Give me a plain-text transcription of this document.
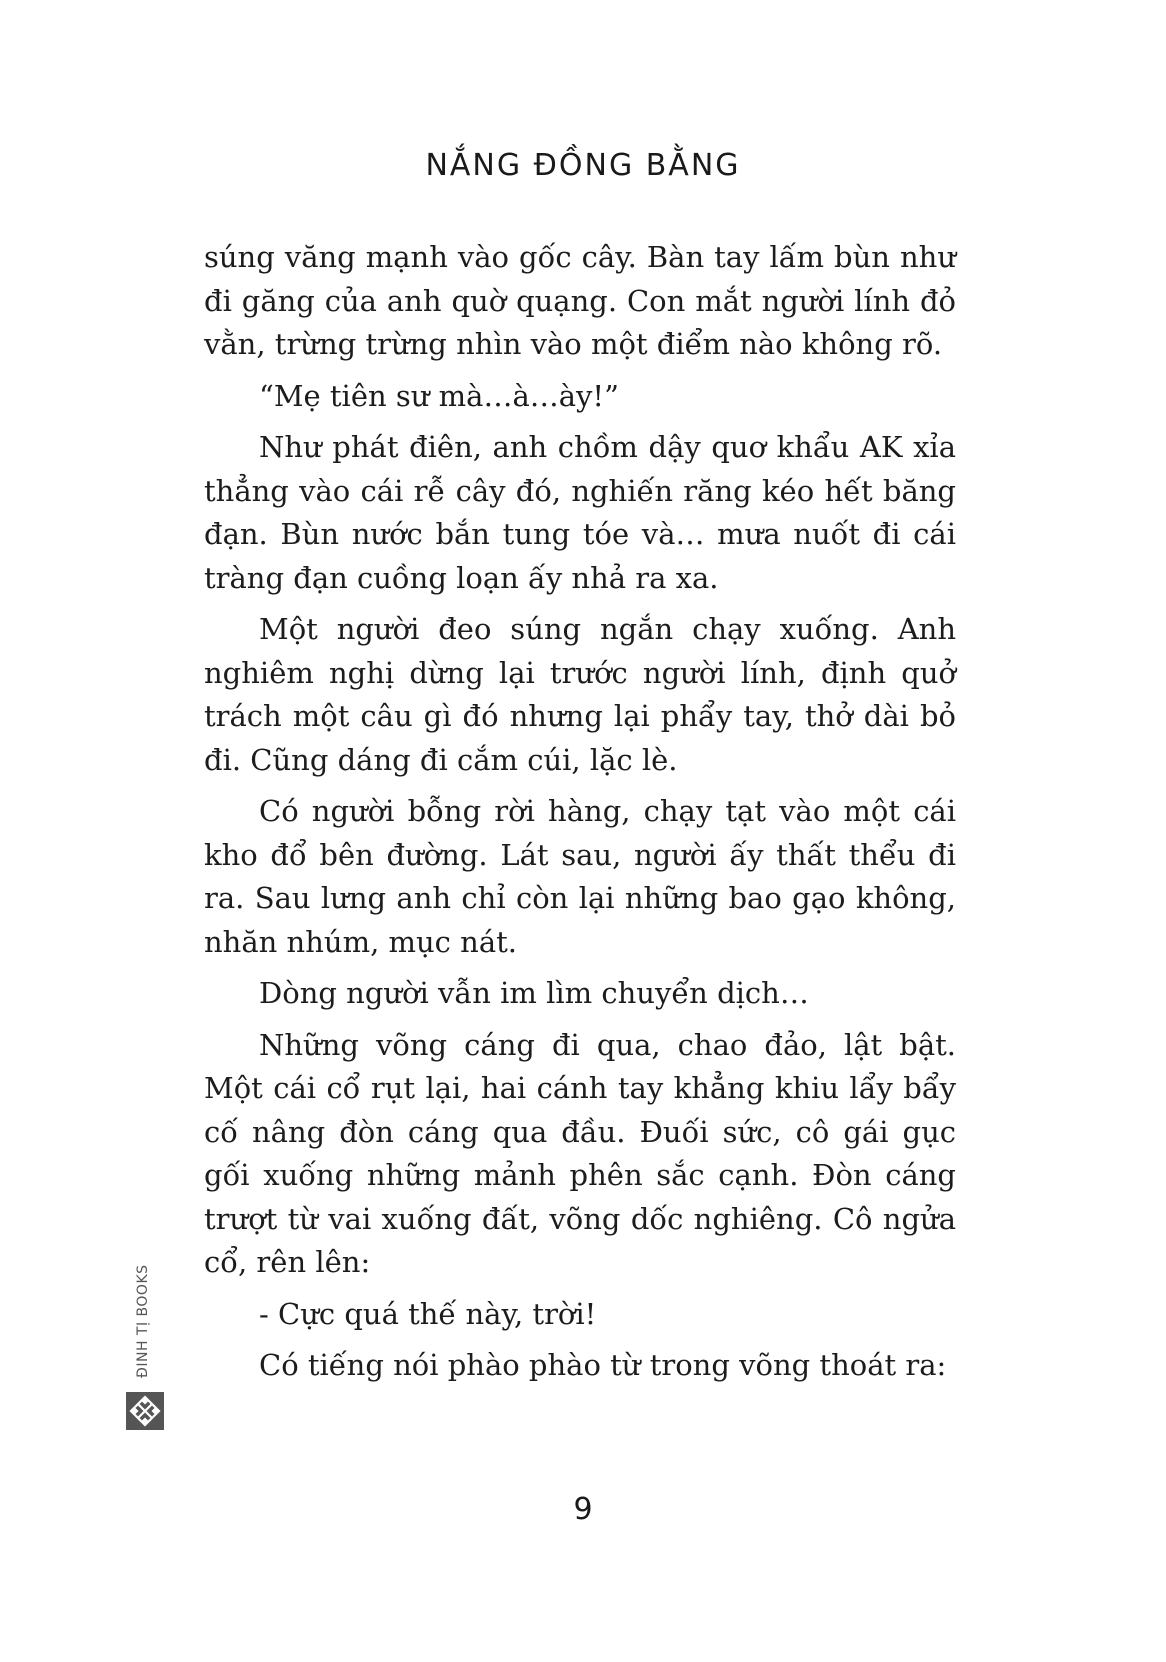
NẮNG ĐỒNG BẰNG

súng văng mạnh vào gốc cây. Bàn tay lấm bùn như đi găng của anh quờ quạng. Con mắt người lính đỏ vằn, trừng trừng nhìn vào một điểm nào không rõ.

“Mẹ tiên sư mà…à…ày!”

Như phát điên, anh chồm dậy quơ khẩu AK xỉa thẳng vào cái rễ cây đó, nghiến răng kéo hết băng đạn. Bùn nước bắn tung tóe và… mưa nuốt đi cái tràng đạn cuồng loạn ấy nhả ra xa.

Một người đeo súng ngắn chạy xuống. Anh nghiêm nghị dừng lại trước người lính, định quở trách một câu gì đó nhưng lại phẩy tay, thở dài bỏ đi. Cũng dáng đi cắm cúi, lặc lè.

Có người bỗng rời hàng, chạy tạt vào một cái kho đổ bên đường. Lát sau, người ấy thất thểu đi ra. Sau lưng anh chỉ còn lại những bao gạo không, nhăn nhúm, mục nát.

Dòng người vẫn im lìm chuyển dịch…

Những võng cáng đi qua, chao đảo, lật bật. Một cái cổ rụt lại, hai cánh tay khẳng khiu lẩy bẩy cố nâng đòn cáng qua đầu. Đuối sức, cô gái gục gối xuống những mảnh phên sắc cạnh. Đòn cáng trượt từ vai xuống đất, võng dốc nghiêng. Cô ngửa cổ, rên lên:

- Cực quá thế này, trời!

Có tiếng nói phào phào từ trong võng thoát ra:

ĐINH TỊ BOOKS
9
